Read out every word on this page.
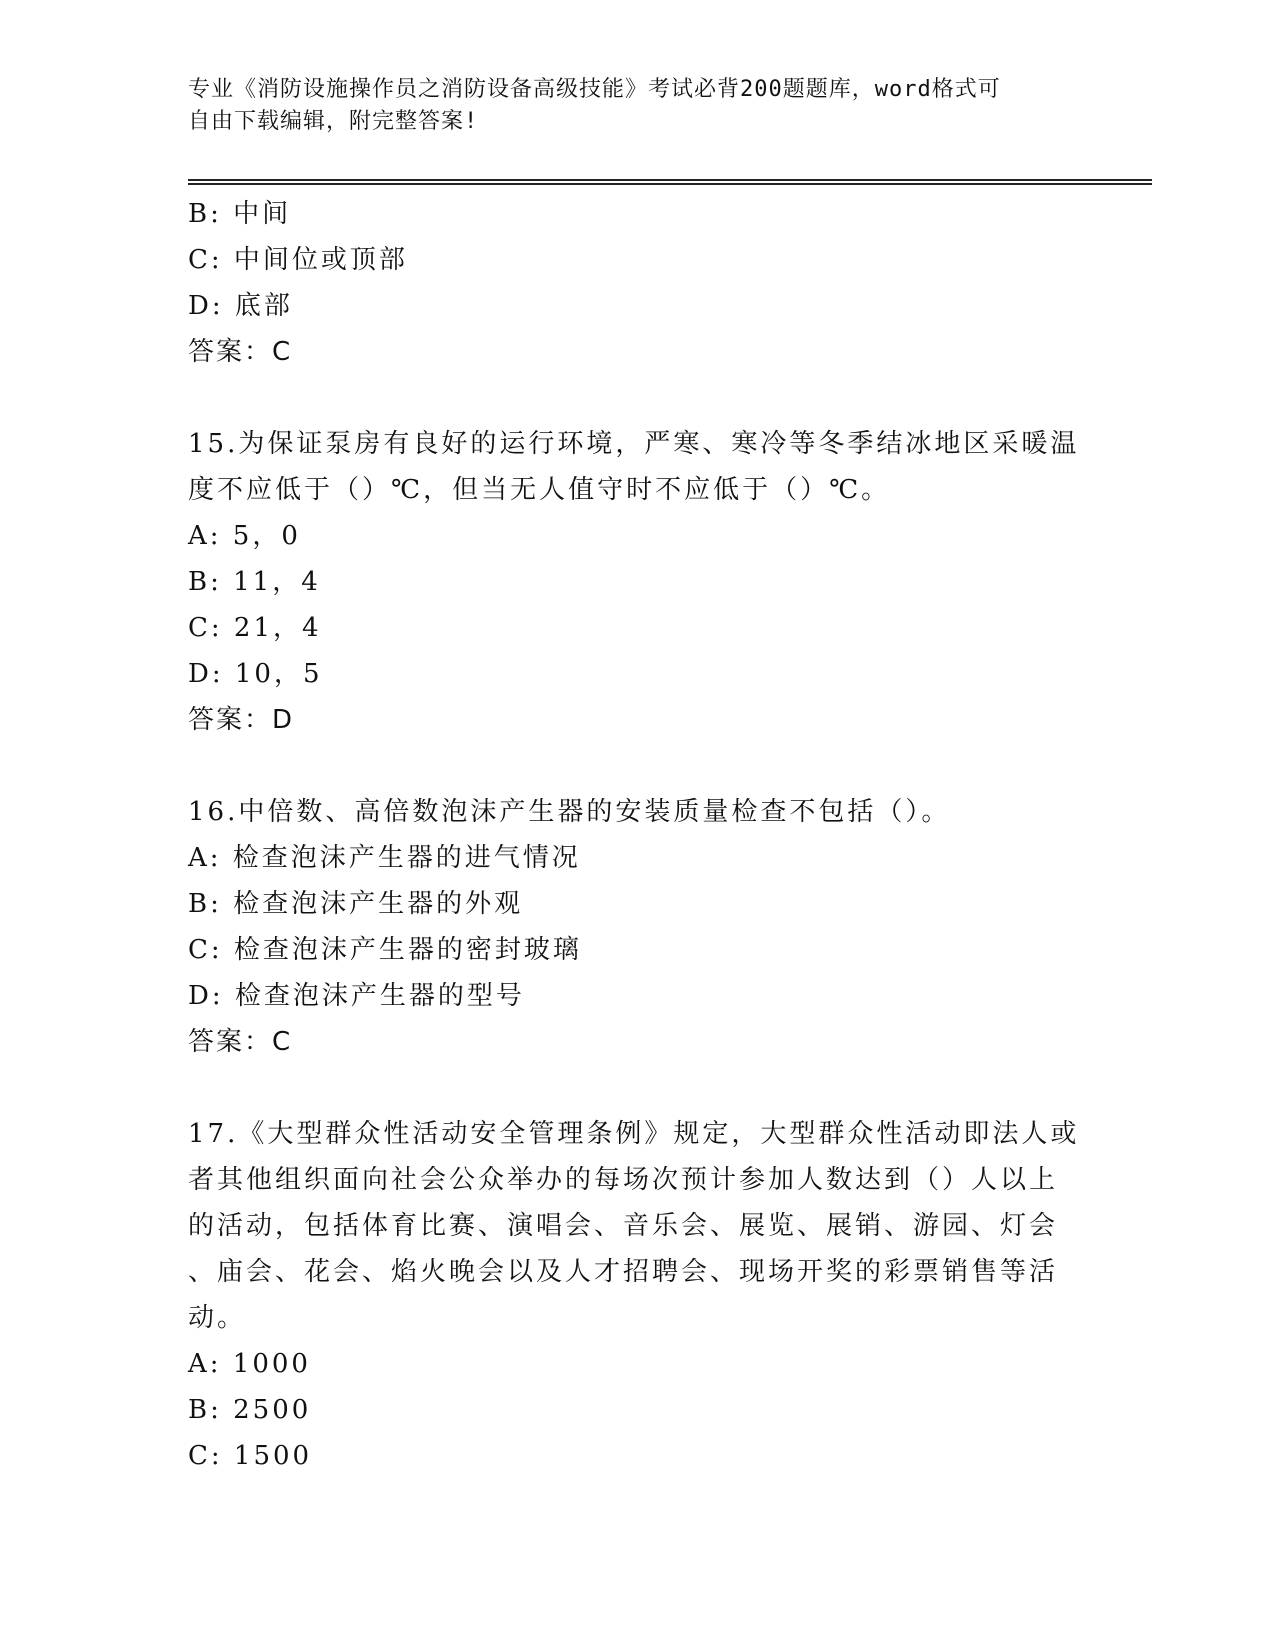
专业《消防设施操作员之消防设备高级技能》考试必背200题题库，word格式可
自由下载编辑，附完整答案!
B: 中间
C: 中间位或顶部
D: 底部
答案：C
15.为保证泵房有良好的运行环境，严寒、寒冷等冬季结冰地区采暖温
度不应低于（）℃，但当无人值守时不应低于（）℃。
A: 5，0
B: 11，4
C: 21，4
D: 10，5
答案：D
16.中倍数、高倍数泡沫产生器的安装质量检查不包括（）。
A: 检查泡沫产生器的进气情况
B: 检查泡沫产生器的外观
C: 检查泡沫产生器的密封玻璃
D: 检查泡沫产生器的型号
答案：C
17.《大型群众性活动安全管理条例》规定，大型群众性活动即法人或
者其他组织面向社会公众举办的每场次预计参加人数达到（）人以上
的活动，包括体育比赛、演唱会、音乐会、展览、展销、游园、灯会
、庙会、花会、焰火晚会以及人才招聘会、现场开奖的彩票销售等活
动。
A: 1000
B: 2500
C: 1500
